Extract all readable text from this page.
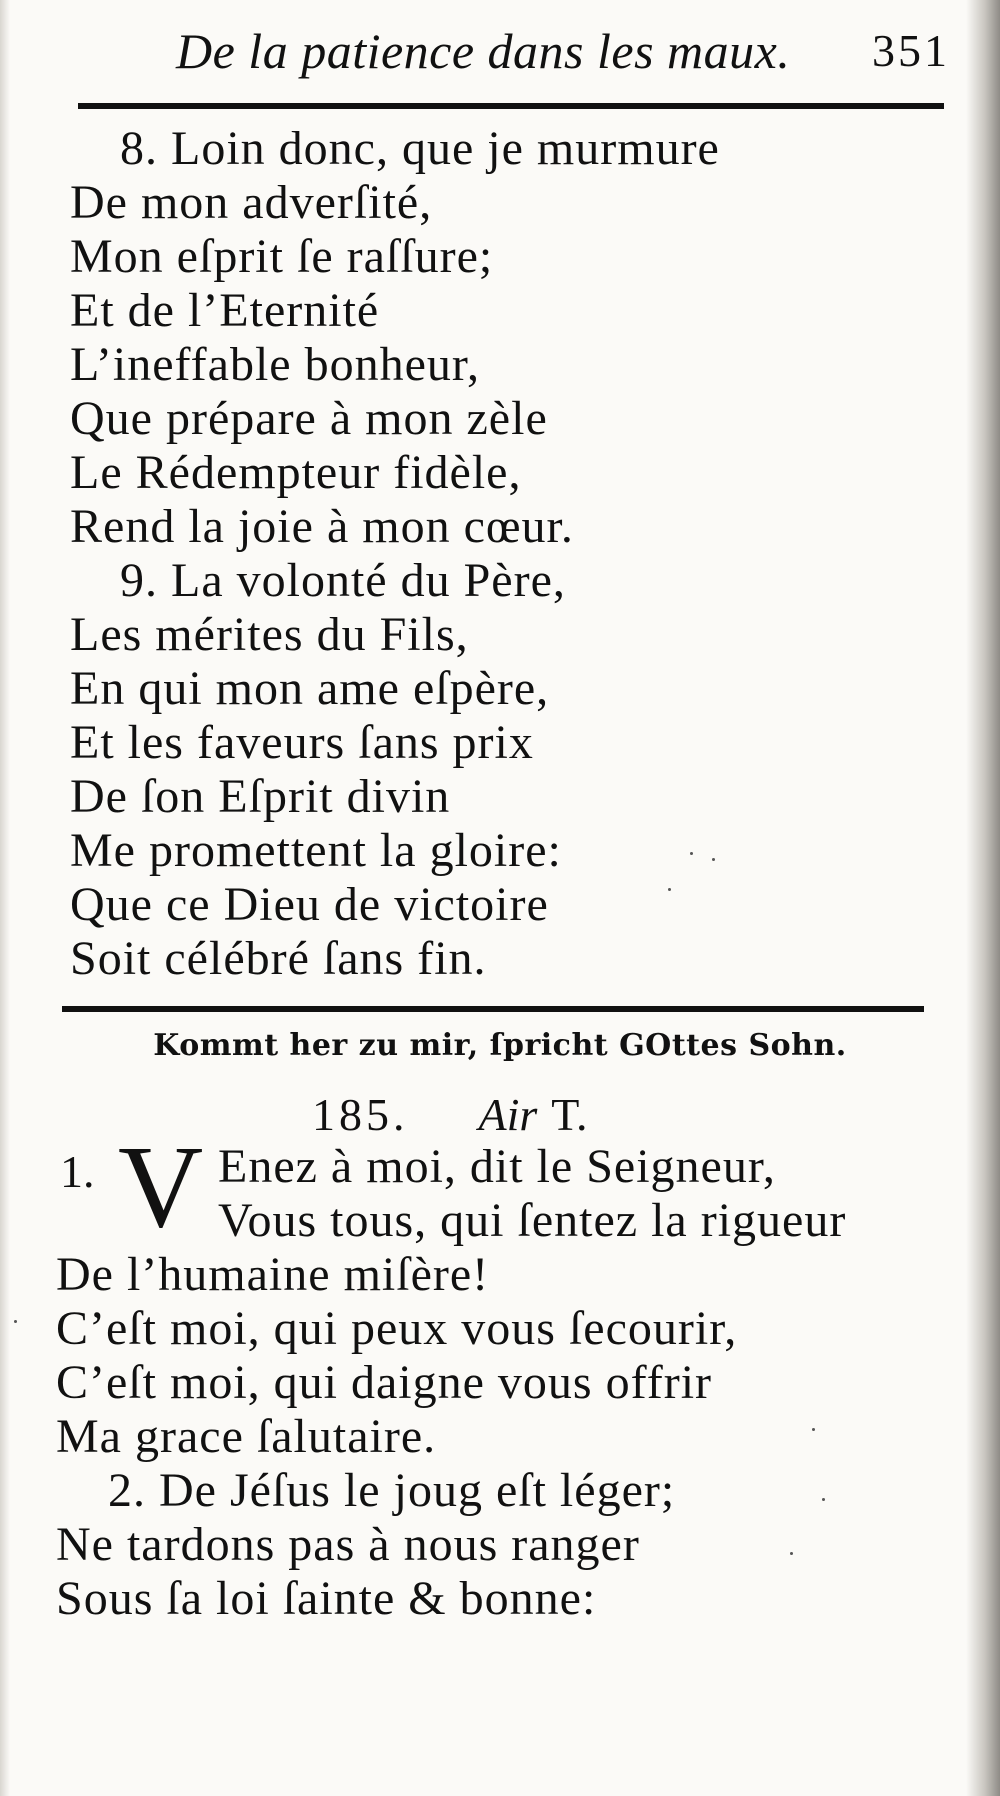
De la patience dans les maux. 351
8. Loin donc, que je murmure
De mon adverſité,
Mon eſprit ſe raſſure;
Et de l’Eternité
L’ineffable bonheur,
Que prépare à mon zèle
Le Rédempteur fidèle,
Rend la joie à mon cœur.
9. La volonté du Père,
Les mérites du Fils,
En qui mon ame eſpère,
Et les faveurs ſans prix
De ſon Eſprit divin
Me promettent la gloire:
Que ce Dieu de victoire
Soit célébré ſans fin.
Kommt her zu mir, ſpricht GOttes Sohn.
185. Air T.
1. V Enez à moi, dit le Seigneur,
Vous tous, qui ſentez la rigueur
De l’humaine miſère!
C’eſt moi, qui peux vous ſecourir,
C’eſt moi, qui daigne vous offrir
Ma grace ſalutaire.
2. De Jéſus le joug eſt léger;
Ne tardons pas à nous ranger
Sous ſa loi ſainte & bonne:
